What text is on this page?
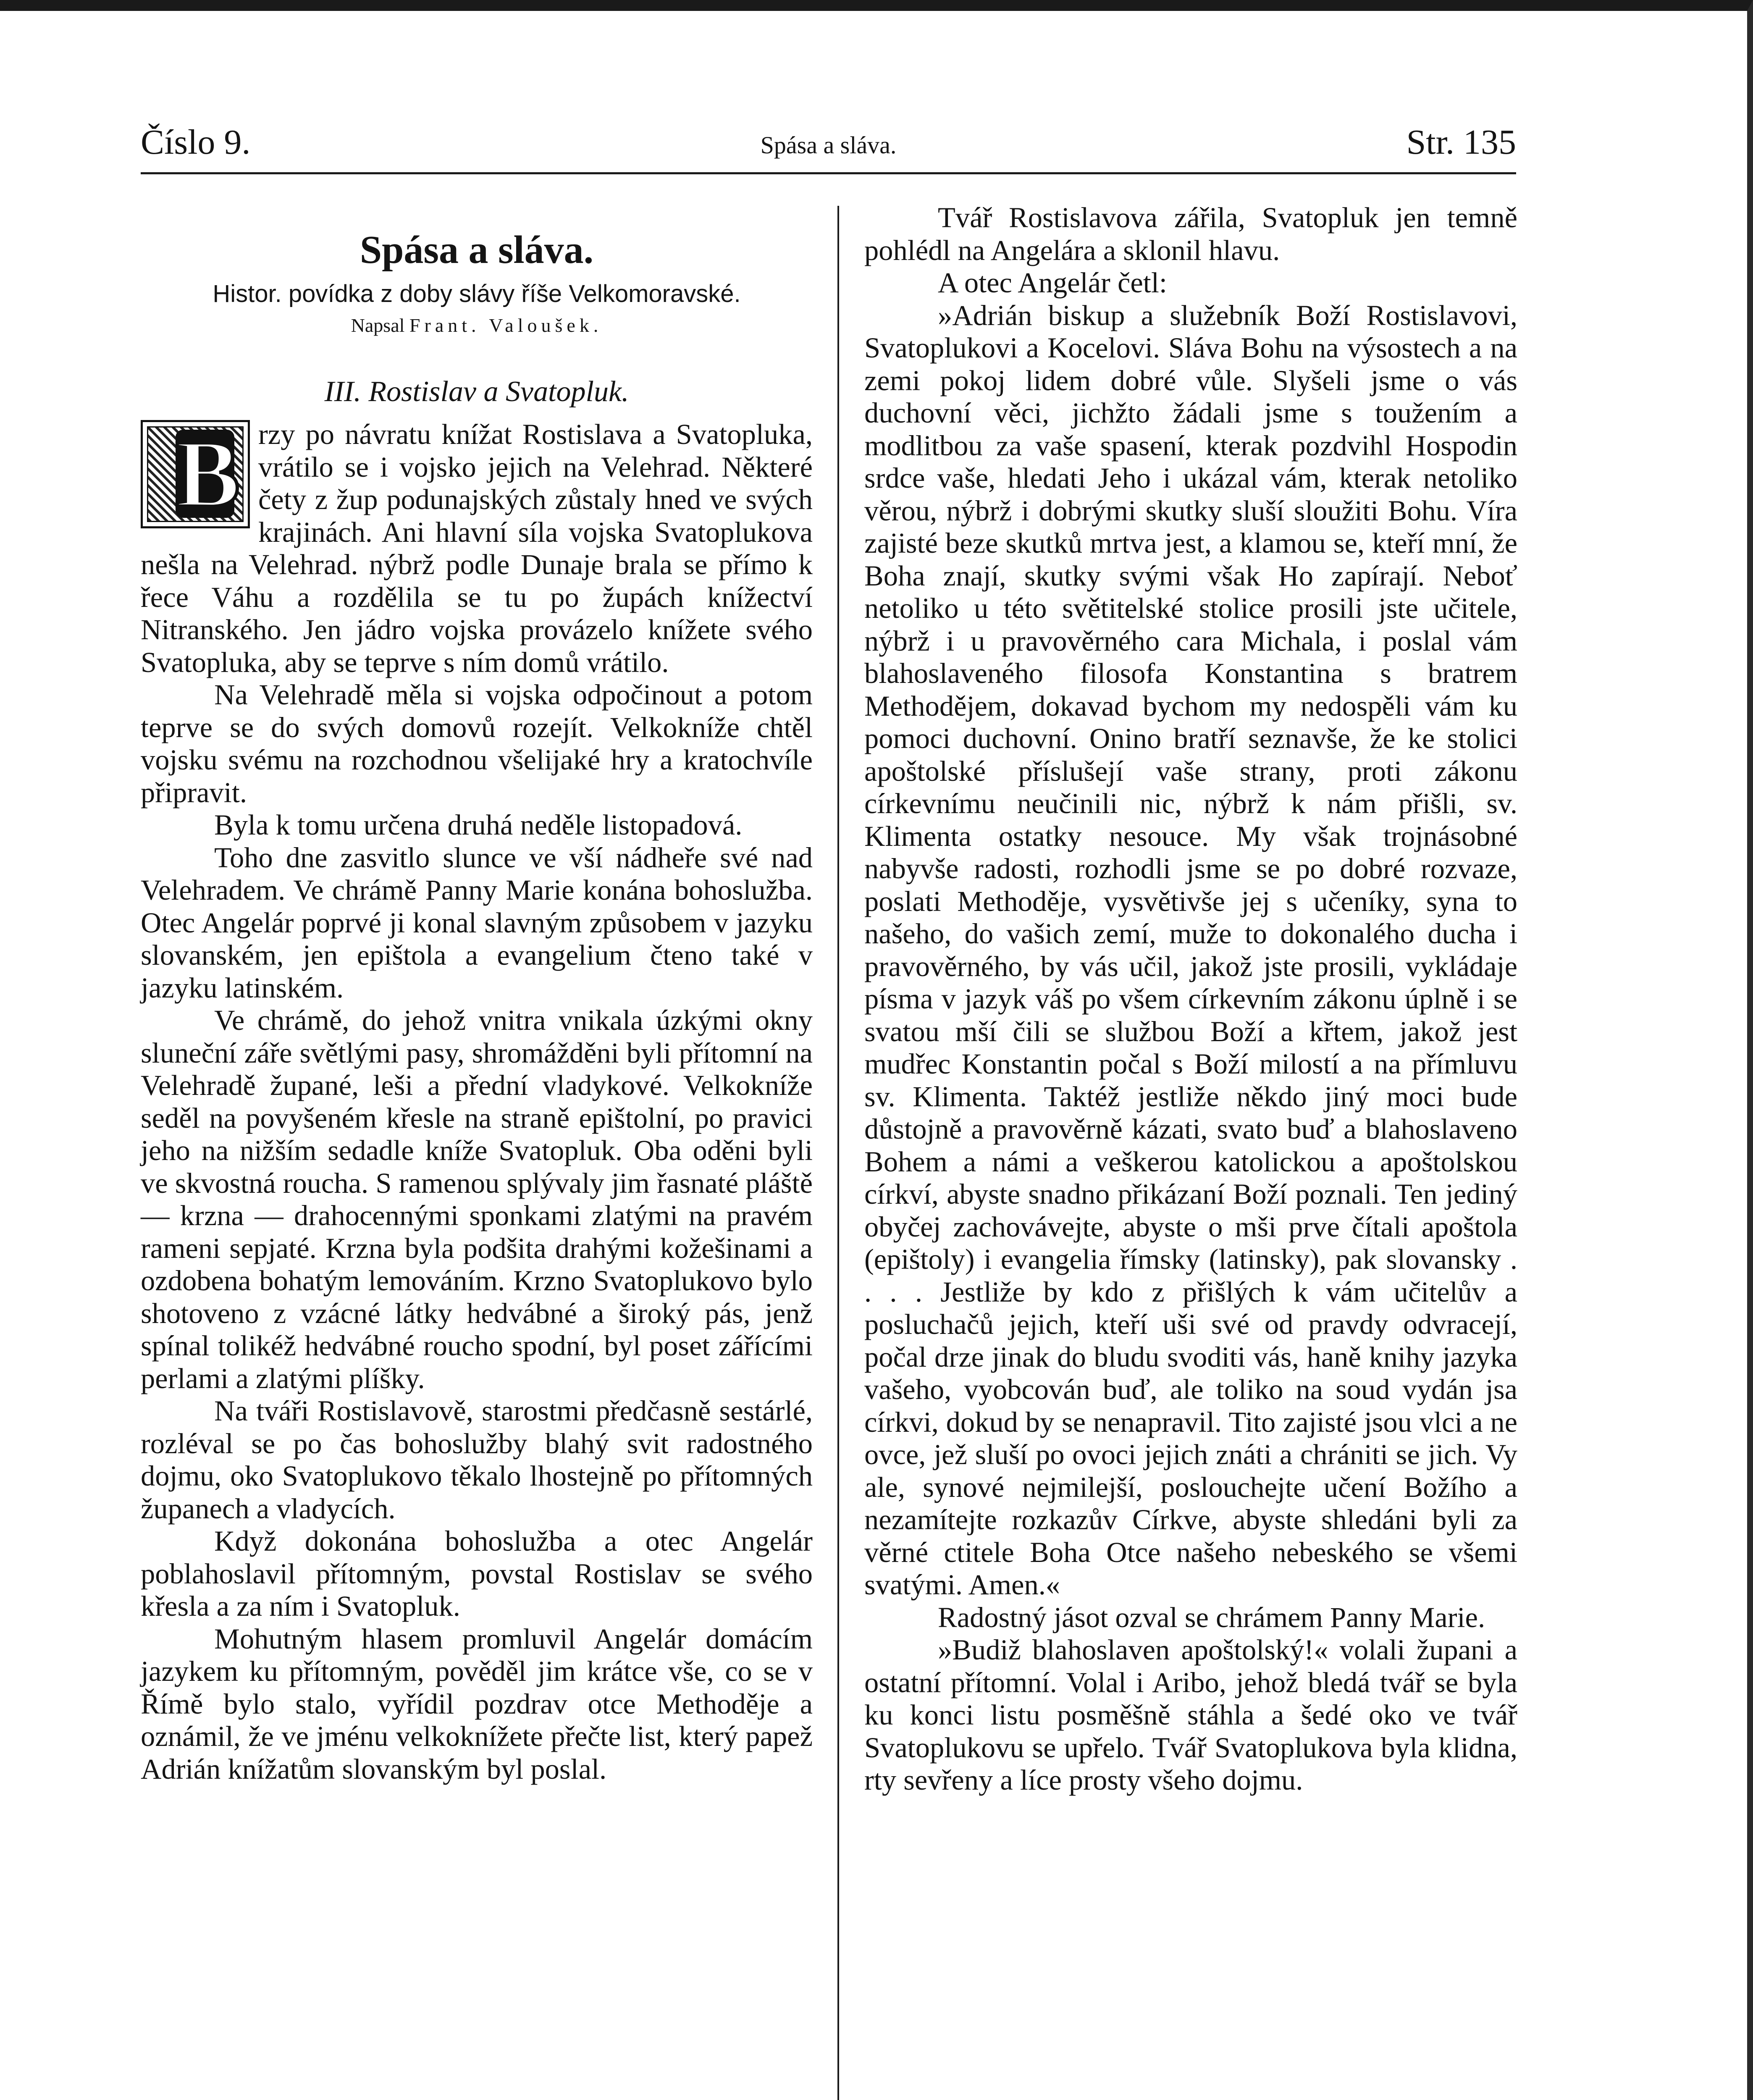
Číslo 9.	Spása a sláva.	Str. 135
Spása a sláva.
Histor. povídka z doby slávy říše Velkomoravské.
Napsal Frant. Valoušek.
III. Rostislav a Svatopluk.

B rzy po návratu knížat Rostislava a Svatopluka, vrátilo se i vojsko jejich na Velehrad. Některé čety z žup podunajských zůstaly hned ve svých krajinách. Ani hlavní síla vojska Svatoplukova nešla na Velehrad. nýbrž podle Dunaje brala se přímo k řece Váhu a rozdělila se tu po župách knížectví Nitranského. Jen jádro vojska provázelo knížete svého Svatopluka, aby se teprve s ním domů vrátilo.

Na Velehradě měla si vojska odpočinout a potom teprve se do svých domovů rozejít. Velkokníže chtěl vojsku svému na rozchodnou všelijaké hry a kratochvíle připravit.

Byla k tomu určena druhá neděle listopadová.

Toho dne zasvitlo slunce ve vší nádheře své nad Velehradem. Ve chrámě Panny Marie konána bohoslužba. Otec Angelár poprvé ji konal slavným způsobem v jazyku slovanském, jen epištola a evangelium čteno také v jazyku latinském.

Ve chrámě, do jehož vnitra vnikala úzkými okny sluneční záře světlými pasy, shromážděni byli přítomní na Velehradě župané, leši a přední vladykové. Velkokníže seděl na povyšeném křesle na straně epištolní, po pravici jeho na nižším sedadle kníže Svatopluk. Oba oděni byli ve skvostná roucha. S ramenou splývaly jim řasnaté pláště — krzna — drahocennými sponkami zlatými na pravém rameni sepjaté. Krzna byla podšita drahými kožešinami a ozdobena bohatým lemováním. Krzno Svatoplukovo bylo shotoveno z vzácné látky hedvábné a široký pás, jenž spínal tolikéž hedvábné roucho spodní, byl poset zářícími perlami a zlatými plíšky.

Na tváři Rostislavově, starostmi předčasně sestárlé, rozléval se po čas bohoslužby blahý svit radostného dojmu, oko Svatoplukovo těkalo lhostejně po přítomných županech a vladycích.

Když dokonána bohoslužba a otec Angelár poblahoslavil přítomným, povstal Rostislav se svého křesla a za ním i Svatopluk.

Mohutným hlasem promluvil Angelár domácím jazykem ku přítomným, pověděl jim krátce vše, co se v Římě bylo stalo, vyřídil pozdrav otce Methoděje a oznámil, že ve jménu velkoknížete přečte list, který papež Adrián knížatům slovanským byl poslal.

Tvář Rostislavova zářila, Svatopluk jen temně pohlédl na Angelára a sklonil hlavu.

A otec Angelár četl:

»Adrián biskup a služebník Boží Rostislavovi, Svatoplukovi a Kocelovi. Sláva Bohu na výsostech a na zemi pokoj lidem dobré vůle. Slyšeli jsme o vás duchovní věci, jichžto žádali jsme s toužením a modlitbou za vaše spasení, kterak pozdvihl Hospodin srdce vaše, hledati Jeho i ukázal vám, kterak netoliko věrou, nýbrž i dobrými skutky sluší sloužiti Bohu. Víra zajisté beze skutků mrtva jest, a klamou se, kteří mní, že Boha znají, skutky svými však Ho zapírají. Neboť netoliko u této světitelské stolice prosili jste učitele, nýbrž i u pravověrného cara Michala, i poslal vám blahoslaveného filosofa Konstantina s bratrem Methodějem, dokavad bychom my nedospěli vám ku pomoci duchovní. Onino bratří seznavše, že ke stolici apoštolské příslušejí vaše strany, proti zákonu církevnímu neučinili nic, nýbrž k nám přišli, sv. Klimenta ostatky nesouce. My však trojnásobné nabyvše radosti, rozhodli jsme se po dobré rozvaze, poslati Methoděje, vysvětivše jej s učeníky, syna to našeho, do vašich zemí, muže to dokonalého ducha i pravověrného, by vás učil, jakož jste prosili, vykládaje písma v jazyk váš po všem církevním zákonu úplně i se svatou mší čili se službou Boží a křtem, jakož jest mudřec Konstantin počal s Boží milostí a na přímluvu sv. Klimenta. Taktéž jestliže někdo jiný moci bude důstojně a pravověrně kázati, svato buď a blahoslaveno Bohem a námi a veškerou katolickou a apoštolskou církví, abyste snadno přikázaní Boží poznali. Ten jediný obyčej zachovávejte, abyste o mši prve čítali apoštola (epištoly) i evangelia římsky (latinsky), pak slovansky . . . . Jestliže by kdo z přišlých k vám učitelův a posluchačů jejich, kteří uši své od pravdy odvracejí, počal drze jinak do bludu svoditi vás, haně knihy jazyka vašeho, vyobcován buď, ale toliko na soud vydán jsa církvi, dokud by se nenapravil. Tito zajisté jsou vlci a ne ovce, jež sluší po ovoci jejich znáti a chrániti se jich. Vy ale, synové nejmilejší, poslouchejte učení Božího a nezamítejte rozkazův Církve, abyste shledáni byli za věrné ctitele Boha Otce našeho nebeského se všemi svatými. Amen.«

Radostný jásot ozval se chrámem Panny Marie.

»Budiž blahoslaven apoštolský!« volali župani a ostatní přítomní. Volal i Aribo, jehož bledá tvář se byla ku konci listu posměšně stáhla a šedé oko ve tvář Svatoplukovu se upřelo. Tvář Svatoplukova byla klidna, rty sevřeny a líce prosty všeho dojmu.
